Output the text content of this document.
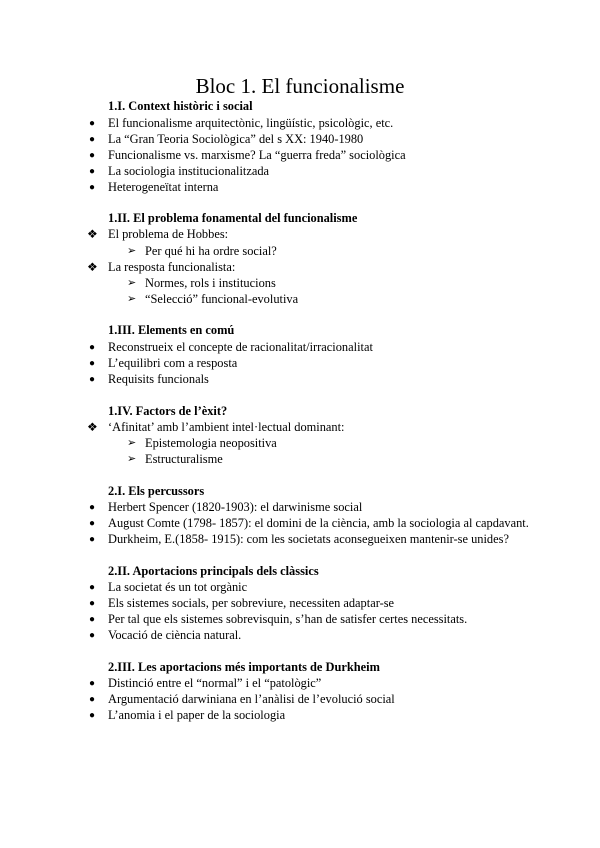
Bloc 1. El funcionalisme
1.I. Context històric i social
● El funcionalisme arquitectònic, lingüístic, psicològic, etc.
● La “Gran Teoria Sociològica” del s XX: 1940-1980
● Funcionalisme vs. marxisme? La “guerra freda” sociològica
● La sociologia institucionalitzada
● Heterogeneïtat interna
1.II. El problema fonamental del funcionalisme
❖ El problema de Hobbes:
➢ Per qué hi ha ordre social?
❖ La resposta funcionalista:
➢ Normes, rols i institucions
➢ “Selecció” funcional-evolutiva
1.III. Elements en comú
● Reconstrueix el concepte de racionalitat/irracionalitat
● L’equilibri com a resposta
● Requisits funcionals
1.IV. Factors de l’èxit?
❖ ‘Afinitat’ amb l’ambient intel·lectual dominant:
➢ Epistemologia neopositiva
➢ Estructuralisme
2.I. Els percussors
● Herbert Spencer (1820-1903): el darwinisme social
● August Comte (1798- 1857): el domini de la ciència, amb la sociologia al capdavant.
● Durkheim, E.(1858- 1915): com les societats aconsegueixen mantenir-se unides?
2.II. Aportacions principals dels clàssics
● La societat és un tot orgànic
● Els sistemes socials, per sobreviure, necessiten adaptar-se
● Per tal que els sistemes sobrevisquin, s’han de satisfer certes necessitats.
● Vocació de ciència natural.
2.III. Les aportacions més importants de Durkheim
● Distinció entre el “normal” i el “patològic”
● Argumentació darwiniana en l’anàlisi de l’evolució social
● L’anomia i el paper de la sociologia
